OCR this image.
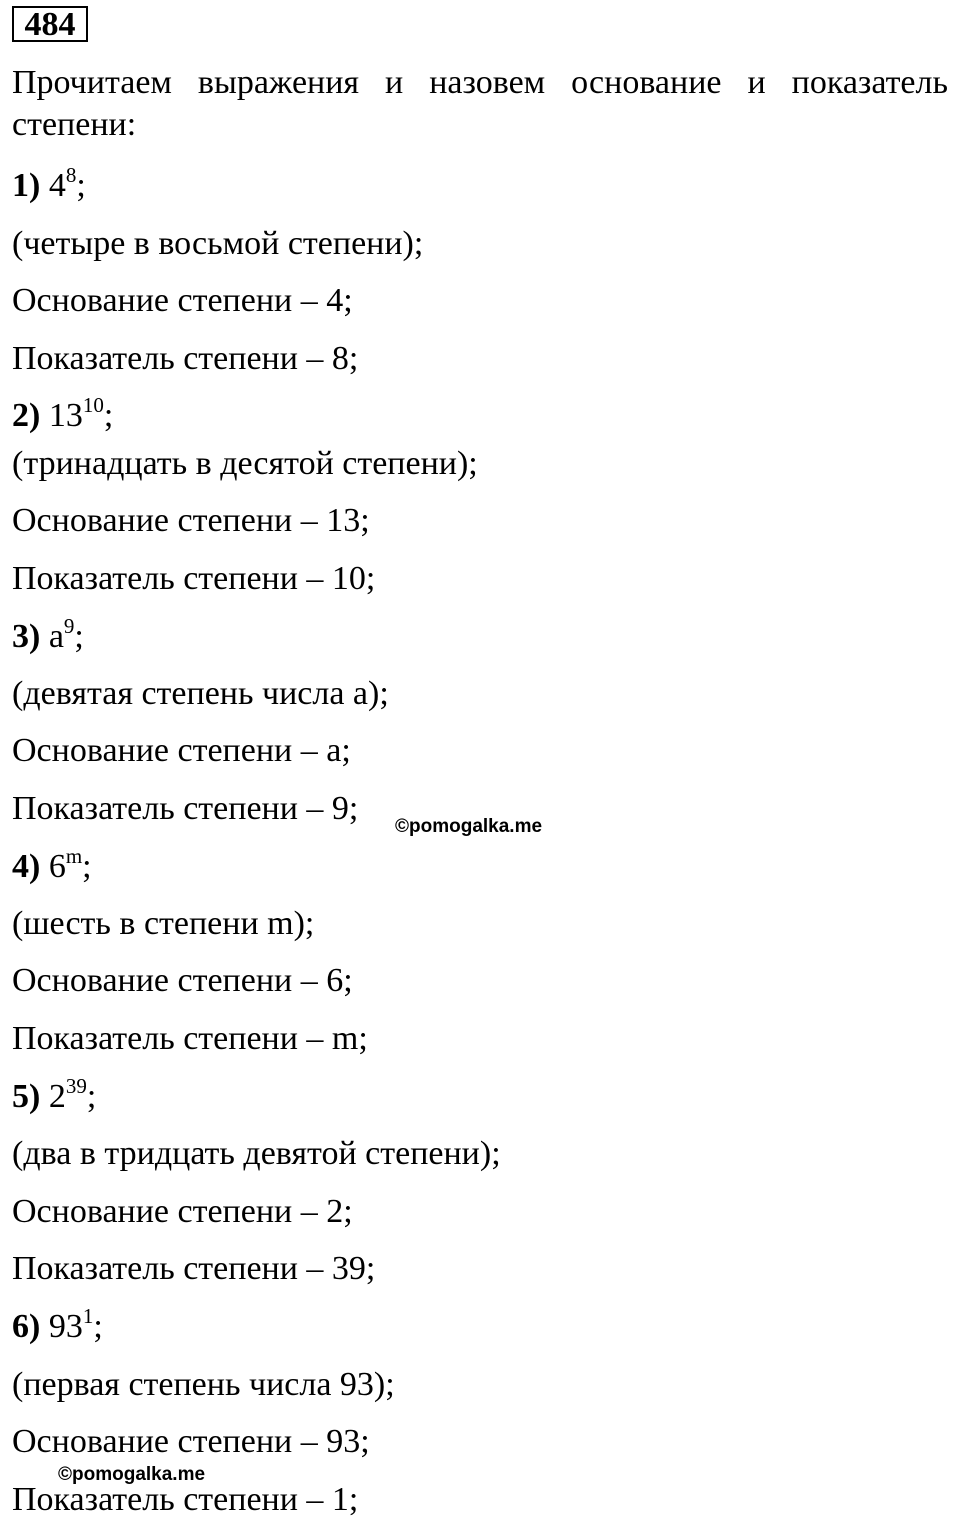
484
Прочитаем выражения и назовем основание и показатель степени:
1) $4^8$;
(четыре в восьмой степени);
Основание степени – 4;
Показатель степени – 8;
2) $13^{10}$;
(тринадцать в десятой степени);
Основание степени – 13;
Показатель степени – 10;
3) $a^9$;
(девятая степень числа a);
Основание степени – a;
Показатель степени – 9;
4) 6$^m$;
(шесть в степени m);
Основание степени – 6;
Показатель степени – m;
5) $2^{39}$;
(два в тридцать девятой степени);
Основание степени – 2;
Показатель степени – 39;
6) $93^1$;
(первая степень числа 93);
Основание степени – 93;
Показатель степени – 1;
©pomogalka.me
©pomogalka.me
